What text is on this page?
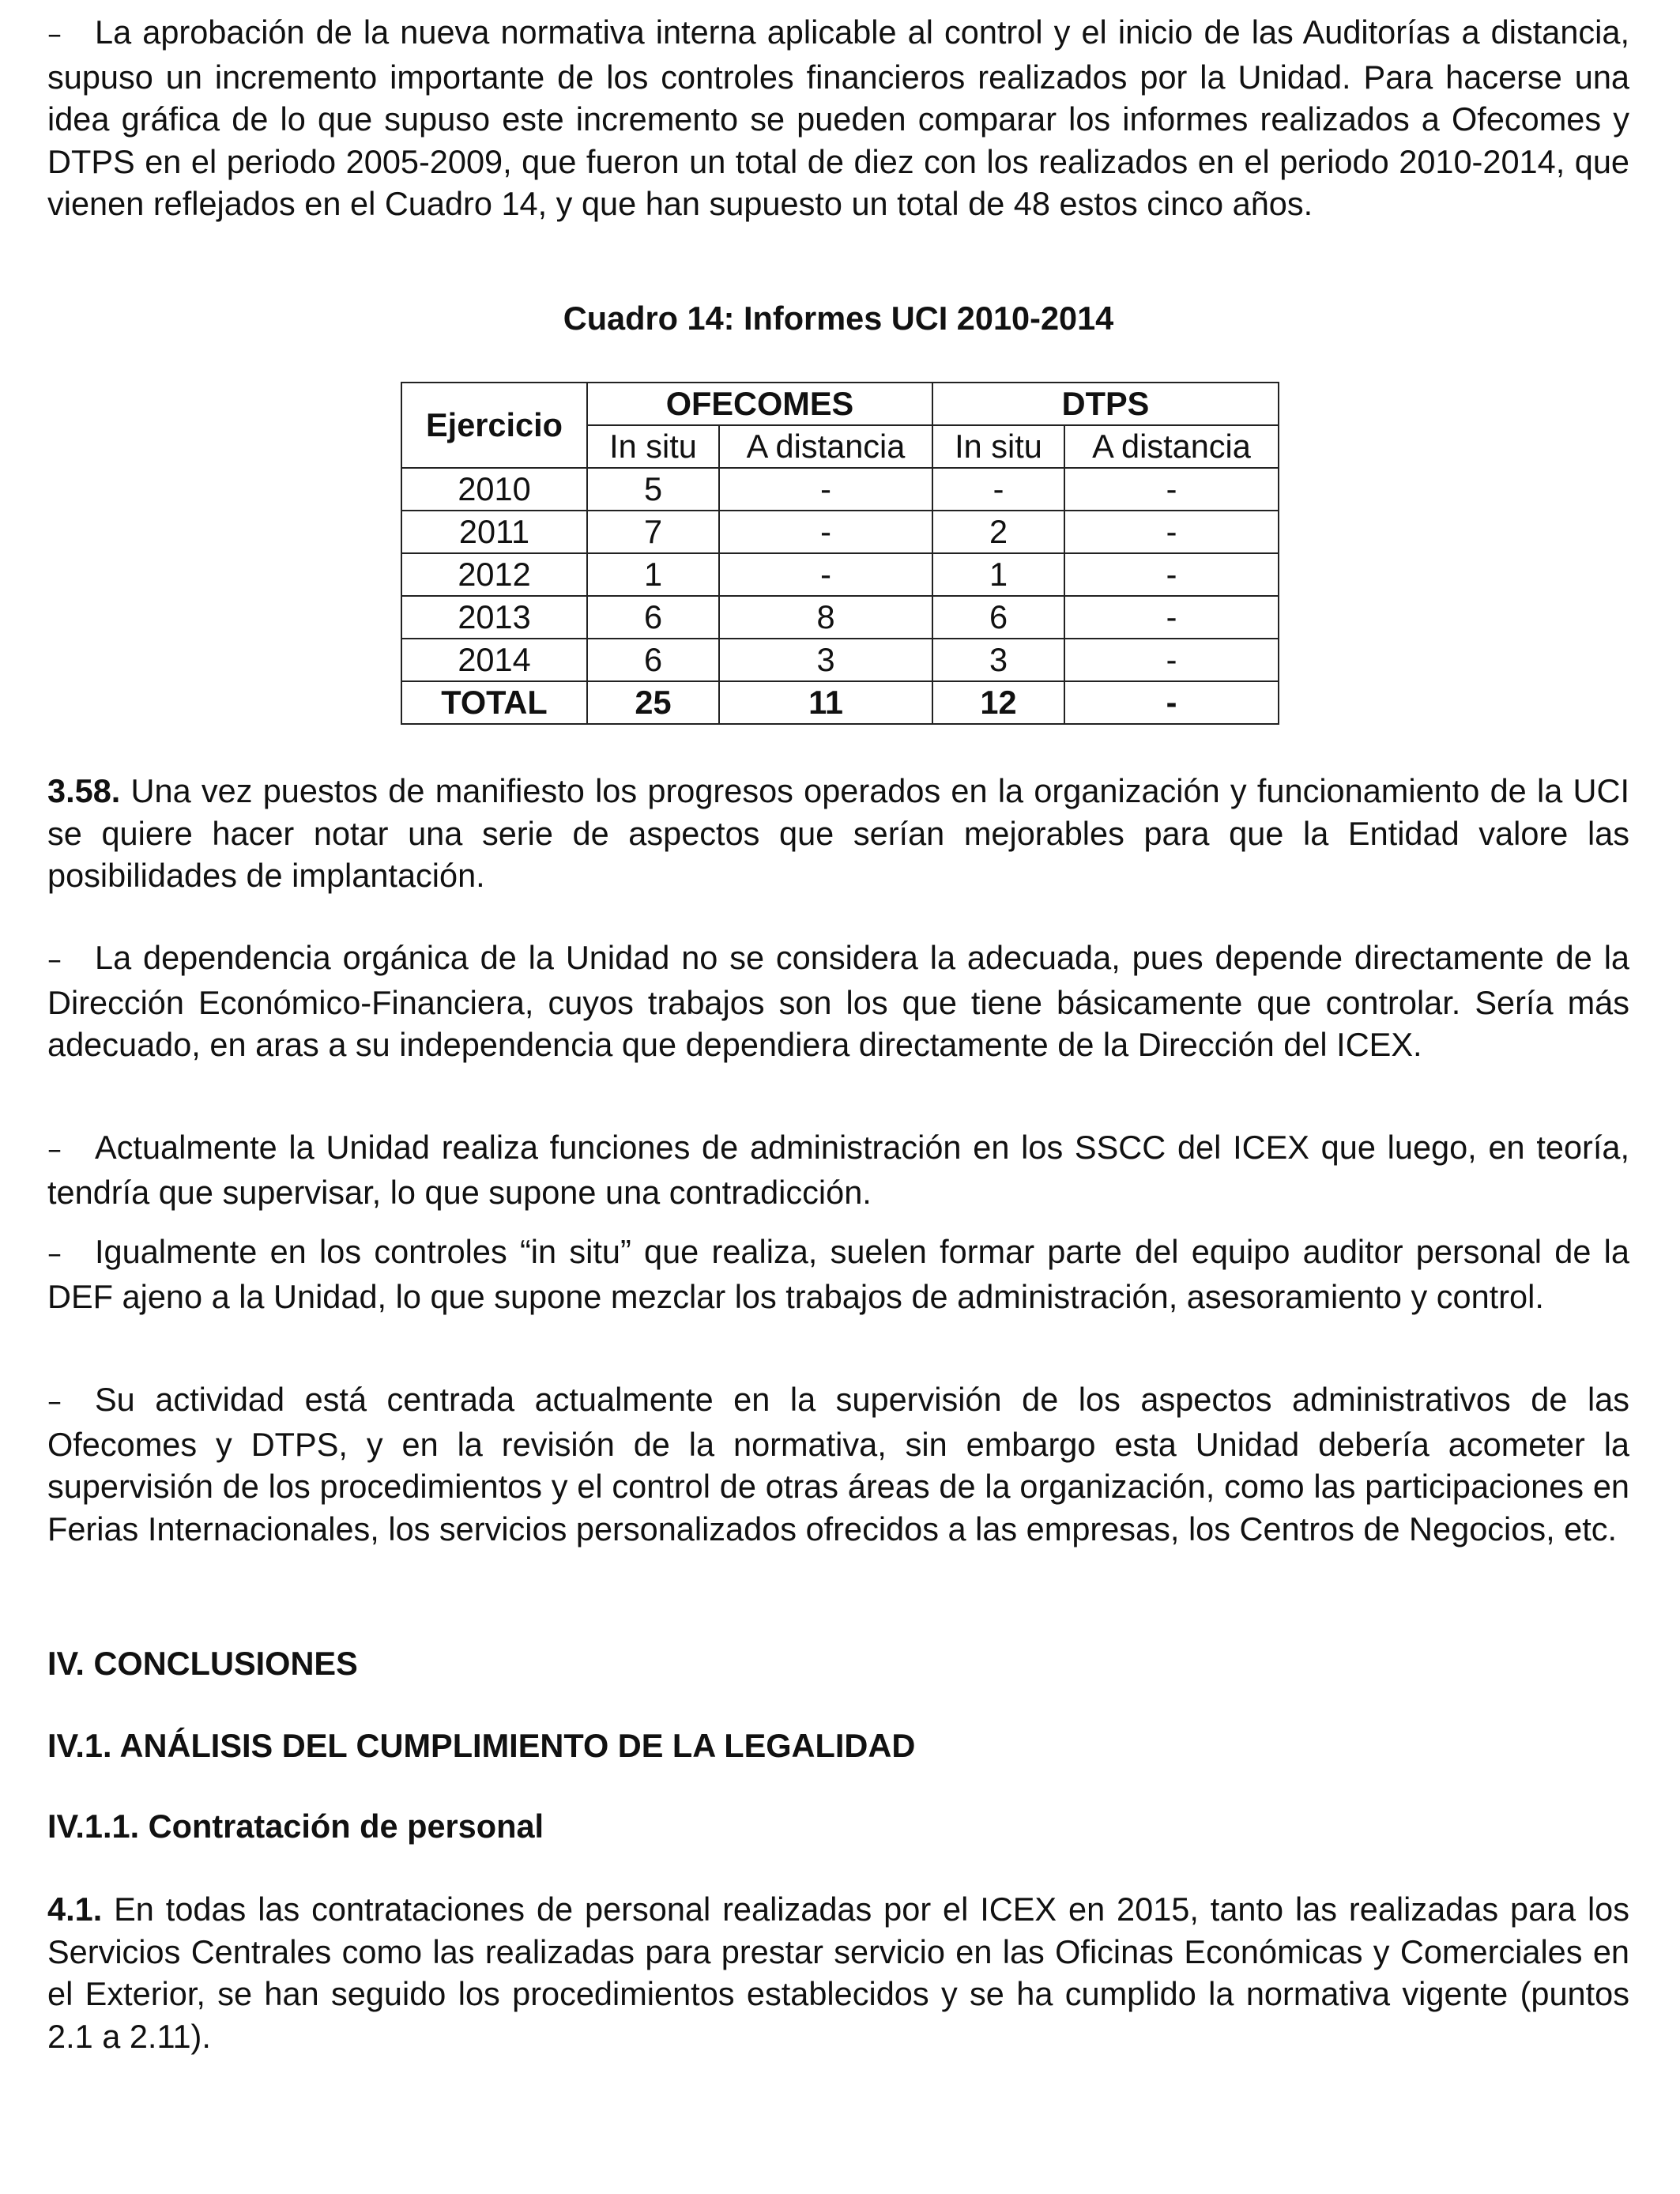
– La aprobación de la nueva normativa interna aplicable al control y el inicio de las Auditorías a distancia, supuso un incremento importante de los controles financieros realizados por la Unidad. Para hacerse una idea gráfica de lo que supuso este incremento se pueden comparar los informes realizados a Ofecomes y DTPS en el periodo 2005-2009, que fueron un total de diez con los realizados en el periodo 2010-2014, que vienen reflejados en el Cuadro 14, y que han supuesto un total de 48 estos cinco años.

Cuadro 14: Informes UCI 2010-2014
Ejercicio	OFECOMES		DTPS	
	In situ	A distancia	In situ	A distancia
2010	5	-	-	-
2011	7	-	2	-
2012	1	-	1	-
2013	6	8	6	-
2014	6	3	3	-
TOTAL	25	11	12	-

3.58. Una vez puestos de manifiesto los progresos operados en la organización y funcionamiento de la UCI se quiere hacer notar una serie de aspectos que serían mejorables para que la Entidad valore las posibilidades de implantación.

– La dependencia orgánica de la Unidad no se considera la adecuada, pues depende directamente de la Dirección Económico-Financiera, cuyos trabajos son los que tiene básicamente que controlar. Sería más adecuado, en aras a su independencia que dependiera directamente de la Dirección del ICEX.

– Actualmente la Unidad realiza funciones de administración en los SSCC del ICEX que luego, en teoría, tendría que supervisar, lo que supone una contradicción.

– Igualmente en los controles “in situ” que realiza, suelen formar parte del equipo auditor personal de la DEF ajeno a la Unidad, lo que supone mezclar los trabajos de administración, asesoramiento y control.

– Su actividad está centrada actualmente en la supervisión de los aspectos administrativos de las Ofecomes y DTPS, y en la revisión de la normativa, sin embargo esta Unidad debería acometer la supervisión de los procedimientos y el control de otras áreas de la organización, como las participaciones en Ferias Internacionales, los servicios personalizados ofrecidos a las empresas, los Centros de Negocios, etc.

IV. CONCLUSIONES
IV.1. ANÁLISIS DEL CUMPLIMIENTO DE LA LEGALIDAD
IV.1.1. Contratación de personal

4.1. En todas las contrataciones de personal realizadas por el ICEX en 2015, tanto las realizadas para los Servicios Centrales como las realizadas para prestar servicio en las Oficinas Económicas y Comerciales en el Exterior, se han seguido los procedimientos establecidos y se ha cumplido la normativa vigente (puntos 2.1 a 2.11).
